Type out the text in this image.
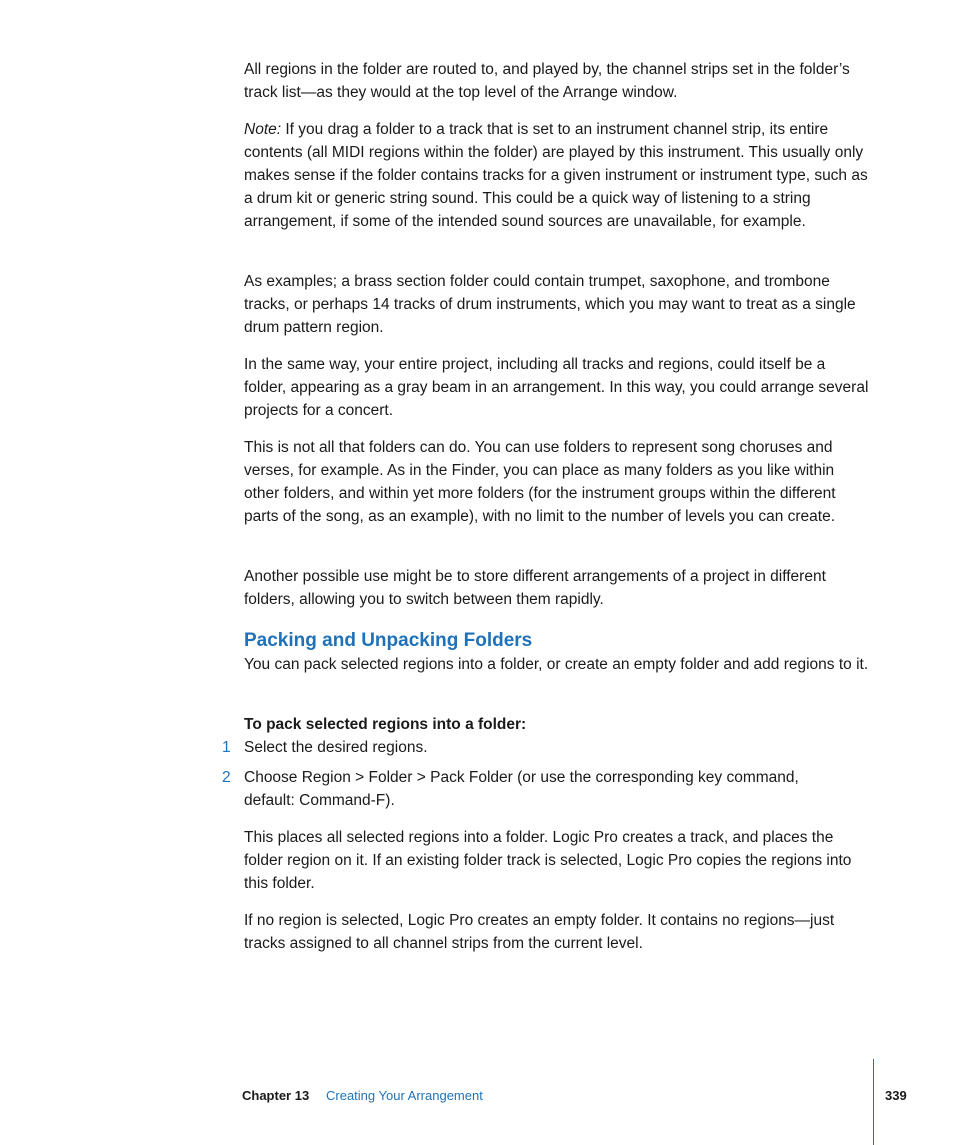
All regions in the folder are routed to, and played by, the channel strips set in the folder’s track list—as they would at the top level of the Arrange window.

Note: If you drag a folder to a track that is set to an instrument channel strip, its entire contents (all MIDI regions within the folder) are played by this instrument. This usually only makes sense if the folder contains tracks for a given instrument or instrument type, such as a drum kit or generic string sound. This could be a quick way of listening to a string arrangement, if some of the intended sound sources are unavailable, for example.

As examples; a brass section folder could contain trumpet, saxophone, and trombone tracks, or perhaps 14 tracks of drum instruments, which you may want to treat as a single drum pattern region.

In the same way, your entire project, including all tracks and regions, could itself be a folder, appearing as a gray beam in an arrangement. In this way, you could arrange several projects for a concert.

This is not all that folders can do. You can use folders to represent song choruses and verses, for example. As in the Finder, you can place as many folders as you like within other folders, and within yet more folders (for the instrument groups within the different parts of the song, as an example), with no limit to the number of levels you can create.

Another possible use might be to store different arrangements of a project in different folders, allowing you to switch between them rapidly.

Packing and Unpacking Folders

You can pack selected regions into a folder, or create an empty folder and add regions to it.

To pack selected regions into a folder:

1 Select the desired regions.

2 Choose Region > Folder > Pack Folder (or use the corresponding key command, default: Command-F).

This places all selected regions into a folder. Logic Pro creates a track, and places the folder region on it. If an existing folder track is selected, Logic Pro copies the regions into this folder.

If no region is selected, Logic Pro creates an empty folder. It contains no regions—just tracks assigned to all channel strips from the current level.

Chapter 13 Creating Your Arrangement	339
